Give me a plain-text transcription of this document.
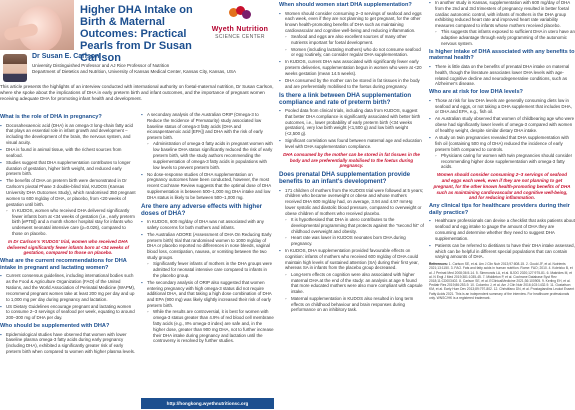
Higher DHA Intake on Birth & Maternal Outcomes: Practical Pearls from Dr Susan Carlson
Wyeth Nutrition
SCIENCE CENTER
Dr Susan E. Carlson
University Distinguished Professor and AJ Rice Professor of Nutrition
Department of Dietetics and Nutrition, University of Kansas Medical Center, Kansas City, Kansas, USA
This article presents the highlights of an interview conducted with international authority on foetal-maternal nutrition, Dr Susan Carlson, where she spoke about the implications of DHA in early preterm birth and infant outcomes, and the importance of pregnant women receiving adequate DHA for promoting infant health and development.
What is the role of DHA in pregnancy?
▪ Docosahexaenoic acid (DHA) is an omega-3 long-chain fatty acid that plays an essential role in infant growth and development – including the development of the brain, the nervous system, and visual acuity.
▪ DHA is found in animal tissue, with the richest sources from seafood.
▪ Studies suggest that DHA supplementation contributes to longer duration of gestation, higher birth weight, and reduced early preterm birth.
▪ The benefits of DHA on preterm birth were demonstrated in Dr Carlson's pivotal Phase 3 double-blind trial, KUDOS (Kansas University DHA Outcomes Study), which randomised 350 pregnant women to 600 mg/day of DHA, or placebo, from <20 weeks of gestation until birth.
◦ In KUDOS, women who received DHA delivered significantly fewer infants born at <34 weeks of gestation (i.e., early preterm birth [ePTB]) and a month shorter hospital stay for infants who underwent neonatal intensive care (p=0.026), compared to those on placebo.
In Dr Carlson's 'KUDOS' trial, women who received DHA delivered significantly fewer infants born at <34 weeks of gestation, compared to those on placebo.
What are the current recommendations for DHA intake in pregnant and lactating women?
▪ Current consensus guidelines, including international bodies such as the Food & Agriculture Organization (FAO) of the United Nations, and the World Association of Perinatal Medicine (WAPM), recommend pregnant women take at least 200 mg per day and up to 1,000 mg per day during pregnancy and lactation.
▪ US Dietary Guidelines encourage pregnant and lactating women to consume 2–3 servings of seafood per week, equating to around 200–300 mg of DHA per day.
Who should be supplemented with DHA?
▪ Epidemiological studies have observed that women with lower baseline plasma omega-3 fatty acids during early pregnancy (including DHA), exhibited a significantly greater risk of early preterm birth when compared to women with higher plasma levels.
▪ A secondary analysis of the Australian ORIP (Omega-3 to Reduce the Incidence of Prematurity) study associated low baseline status of omega-3 fatty acids (DHA and eicosapentaenoic acid [EPA]) and DHA with the risk of early preterm birth.
◦ Administration of omega-3 fatty acids in pregnant women with low baseline DHA status significantly reduced the risk of early preterm birth, with the study authors recommending the supplementation of omega-3 fatty acids in populations with low levels to prevent preterm birth.
▪ No dose-response studies of DHA supplementation on pregnancy outcomes have been conducted, however, the most recent Cochrane Review suggests that the optimal dose of DHA supplementation is between 500–1,000 mg DHA intake and low DHA status is likely to be between 500–1,000 mg.
Are there any adverse effects with higher doses of DHA?
▪ In KUDOS, 600 mg/day of DHA was not associated with any safety concerns for both mothers and infants.
▪ The Australian ADORE (Assessment of DHA On Reducing Early preterm birth) trial that randomised women to 1000 mg/day of DHA or placebo reported no differences in nose bleeds, vaginal blood loss, constipation, nausea, or vomiting between the two study groups.
◦ Significantly fewer infants of mothers in the DHA groups were admitted for neonatal intensive care compared to infants in the placebo group.
▪ The secondary analysis of ORIP also suggested that women entering pregnancy with high omega-3 status did not require additional DHA, and that taking a high dose combination of DHA and EPA (900 mg) was likely slightly increased their risk of early preterm birth.
◦ While the results are controversial, it is best for women with omega-3 status greater than 4.9% of red blood cell membrane fatty acids (e.g., 8% omega-3 index) are safe and, in the higher dose, greater than 900 mg DHA, not to further increase their DHA intake during pregnancy and lactation until the controversy is resolved by further studies.
http://hongkong.wyethnutritionsc.org
When should women start DHA supplementation?
▪ Women should consider consuming 2–3 servings of seafood and eggs each week, even if they are not planning to get pregnant, for the other known health-promoting benefits of DHA such as maintaining cardiovascular and cognitive well-being and reducing inflammation.
◦ Seafood and eggs are also excellent sources of many other nutrients important for foetal development.
◦ Women (including lactating mothers) who do not consume seafood or egg routinely, can consider regular DHA supplementation.
▪ In KUDOS, current DHA was associated with significantly fewer early preterm deliveries, supplementation begun in women who were at <20 weeks gestation (mean 14.5 weeks).
▪ DHA consumed by the mother can be stored in fat tissues in the body and are preferentially mobilised to the foetus during pregnancy.
Is there a link between DHA supplementation compliance and rate of preterm birth?
▪ Pooled data from clinical trials, including data from KUDOS, suggest that better DHA compliance is significantly associated with better birth outcomes, i.e., lower probability of early preterm birth (<34 weeks gestation), very low birth weight (<1,500 g) and low birth weight (<2,500 g).
▪ Significant correlation was found between maternal age and education level with DHA supplementation compliance.
DHA consumed by the mother can be stored in fat tissues in the body and are preferentially mobilised to the foetus during pregnancy.
Does prenatal DHA supplementation provide benefits to an infant's development?
▪ 171 children of mothers from the KUDOS trial were followed at 5 years; children who became overweight or obese and whose mothers received DHA 600 mg/day had, on average, 3.94 and 4.97 mmHg lower systolic and diastolic blood pressure, compared to overweight or obese children of mothers who received placebo.
◦ It is hypothesised that DHA in utero contributes to the developmental programming that protects against the "second hit" of childhood overweight and obesity.
◦ Heart rate was lower in KUDOS neonates born DHA during pregnancy.
▪ In KUDOS, DHA supplementation provided favourable effects on cognition: infants of mothers who received 600 mg/day of DHA could maintain high levels of sustained attention (SA) during their first year, whereas SA in infants from the placebo group decreased.
◦ Long-term effects on cognition were also associated with higher maternal DHA at the end of the study: an analysis at age 6 found that more educated mothers were also more compliant with capsule intake.
◦ Maternal supplementation in KUDOS also resulted in long term effects on childhood behaviour and brain responses during performance on an inhibitory task.
▪ In another study in Kansas, supplementation with 600 mg/day of DHA from the 2nd and 3rd trimesters of pregnancy resulted in better foetal cardiac autonomic control, with infants of mothers in the DHA group exhibiting reduced heart rate and improved heart rate variability measures compared to infants whose mothers received placebo.
◦ This suggests that infants exposed to sufficient DHA in utero have an adaptive advantage through early programming of the autonomic nervous system.
Is higher intake of DHA associated with any benefits to maternal health?
▪ There is little data on the benefits of prenatal DHA intake on maternal health, though the literature associates lower DHA levels with age-related cognitive decline and neurodegenerative conditions, such as Alzheimer's disease.
Who are at risk for low DHA levels?
▪ Those at risk for low DHA levels are generally consuming diets low in seafood and eggs, or not taking a DHA supplement that includes DHA, or DHA and EPA, e.g., fish oil.
▪ An Australian study observed that women of childbearing age who were obese had significantly lower levels of omega-3 compared with women of healthy weight, despite similar dietary DHA intake.
▪ A study on twin pregnancies revealed that DHA supplementation with fish oil (containing 500 mg of DHA) reduced the incidence of early preterm birth compared to controls.
◦ Physicians caring for women with twin pregnancies should consider recommending higher dose supplementation with omega-3 fatty acids.
Women should consider consuming 2–3 servings of seafood and eggs each week, even if they are not planning to get pregnant, for the other known health-promoting benefits of DHA such as maintaining cardiovascular and cognitive well-being, and for reducing inflammation.
Any clinical tips for healthcare providers during their daily practice?
▪ Healthcare professionals can devise a checklist that asks patients about seafood and egg intake to gauge the amount of DHA they are consuming and determine whether they need to suggest DHA supplementation.
▪ Patients can be referred to dietitians to have their DHA intake assessed, which can be helpful in different special populations that can contain varying amounts of DHA.
References: 1. Carlson SE, et al. Am J Clin Nutr 2013;97:808-15. 2. Gould JF, et al. Nutrients 2021;13:1150. 3. FAO. Fats and fatty acids in human nutrition. Rome: FAO; 2010. 4. Koletzko B, et al. J Perinat Med 2008;36:5-14. 5. Simmonds LA, et al. BJOG 2020;127:975-81. 6. Makrides M, et al. N Engl J Med 2019;381:1035-45. 7. Middleton P, et al. Cochrane Database Syst Rev 2018;11:CD003402. 8. Carlson SE, et al. EClinicalMedicine 2021;36:100905. 9. Kerling EH, et al. Pediatr Res 2019;86:253-9. 10. Colombo J, et al. Am J Clin Nutr 2016;103:1432-9. 11. Gustafson KM, et al. Early Hum Dev 2013;89:797-802. 12. Christifano DN, et al. Prostaglandins Leukot Essent Fatty Acids 2021. This is an independent summary of the interview. For healthcare professionals only. WNSC/HK is a registered trademark.
